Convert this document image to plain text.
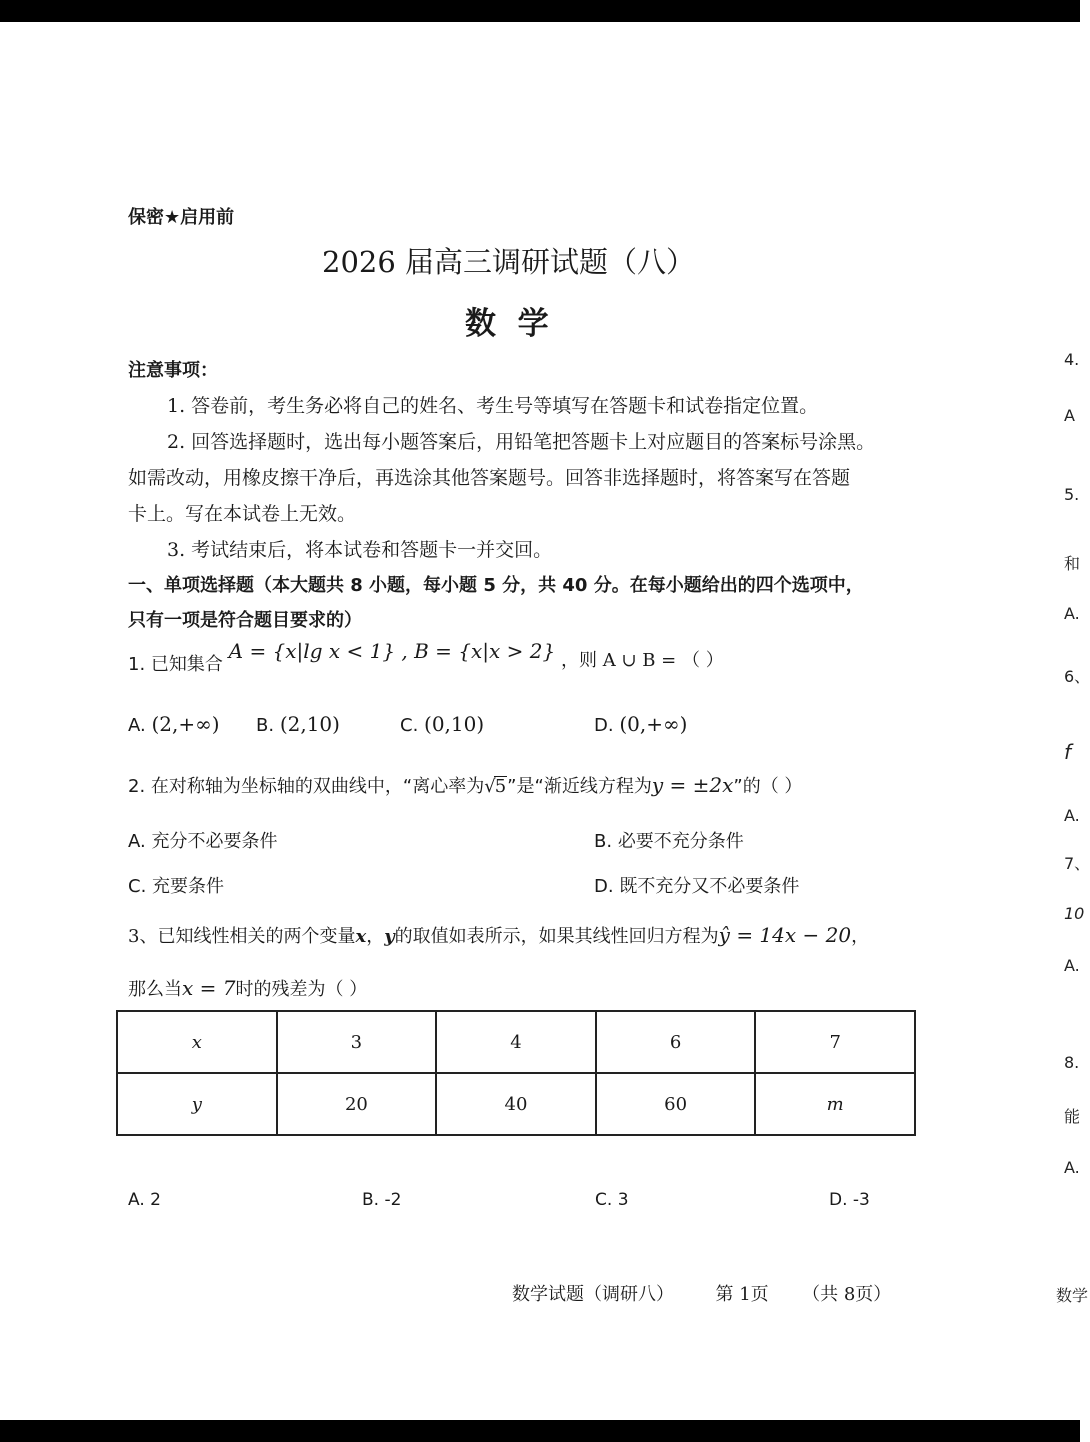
保密★启用前
2026 届高三调研试题（八）
数  学
注意事项：
1. 答卷前，考生务必将自己的姓名、考生号等填写在答题卡和试卷指定位置。
2. 回答选择题时，选出每小题答案后，用铅笔把答题卡上对应题目的答案标号涂黑。
如需改动，用橡皮擦干净后，再选涂其他答案题号。回答非选择题时，将答案写在答题
卡上。写在本试卷上无效。
3. 考试结束后，将本试卷和答题卡一并交回。
一、单项选择题（本大题共 8 小题，每小题 5 分，共 40 分。在每小题给出的四个选项中，
只有一项是符合题目要求的）
1. 已知集合 A = {x|lg x < 1} , B = {x|x > 2} ，则 A ∪ B = （ ）
A. (2,+∞) B. (2,10)	C. (0,10)	D. (0,+∞)
2. 在对称轴为坐标轴的双曲线中，“离心率为√5”是“渐近线方程为y = ±2x”的（ ）
A. 充分不必要条件	B. 必要不充分条件
C. 充要条件	D. 既不充分又不必要条件
3、已知线性相关的两个变量x，y的取值如表所示，如果其线性回归方程为ŷ = 14x − 20，
那么当x = 7时的残差为（ ）
x	3	4	6	7
y	20	40	60	m
A. 2	B. -2	C. 3	D. -3
数学试题（调研八） 第 1页 （共 8页）
4.
A
5.
和
A.
6、
f
A.
7、
10
A.
8.
能
A.
数学
